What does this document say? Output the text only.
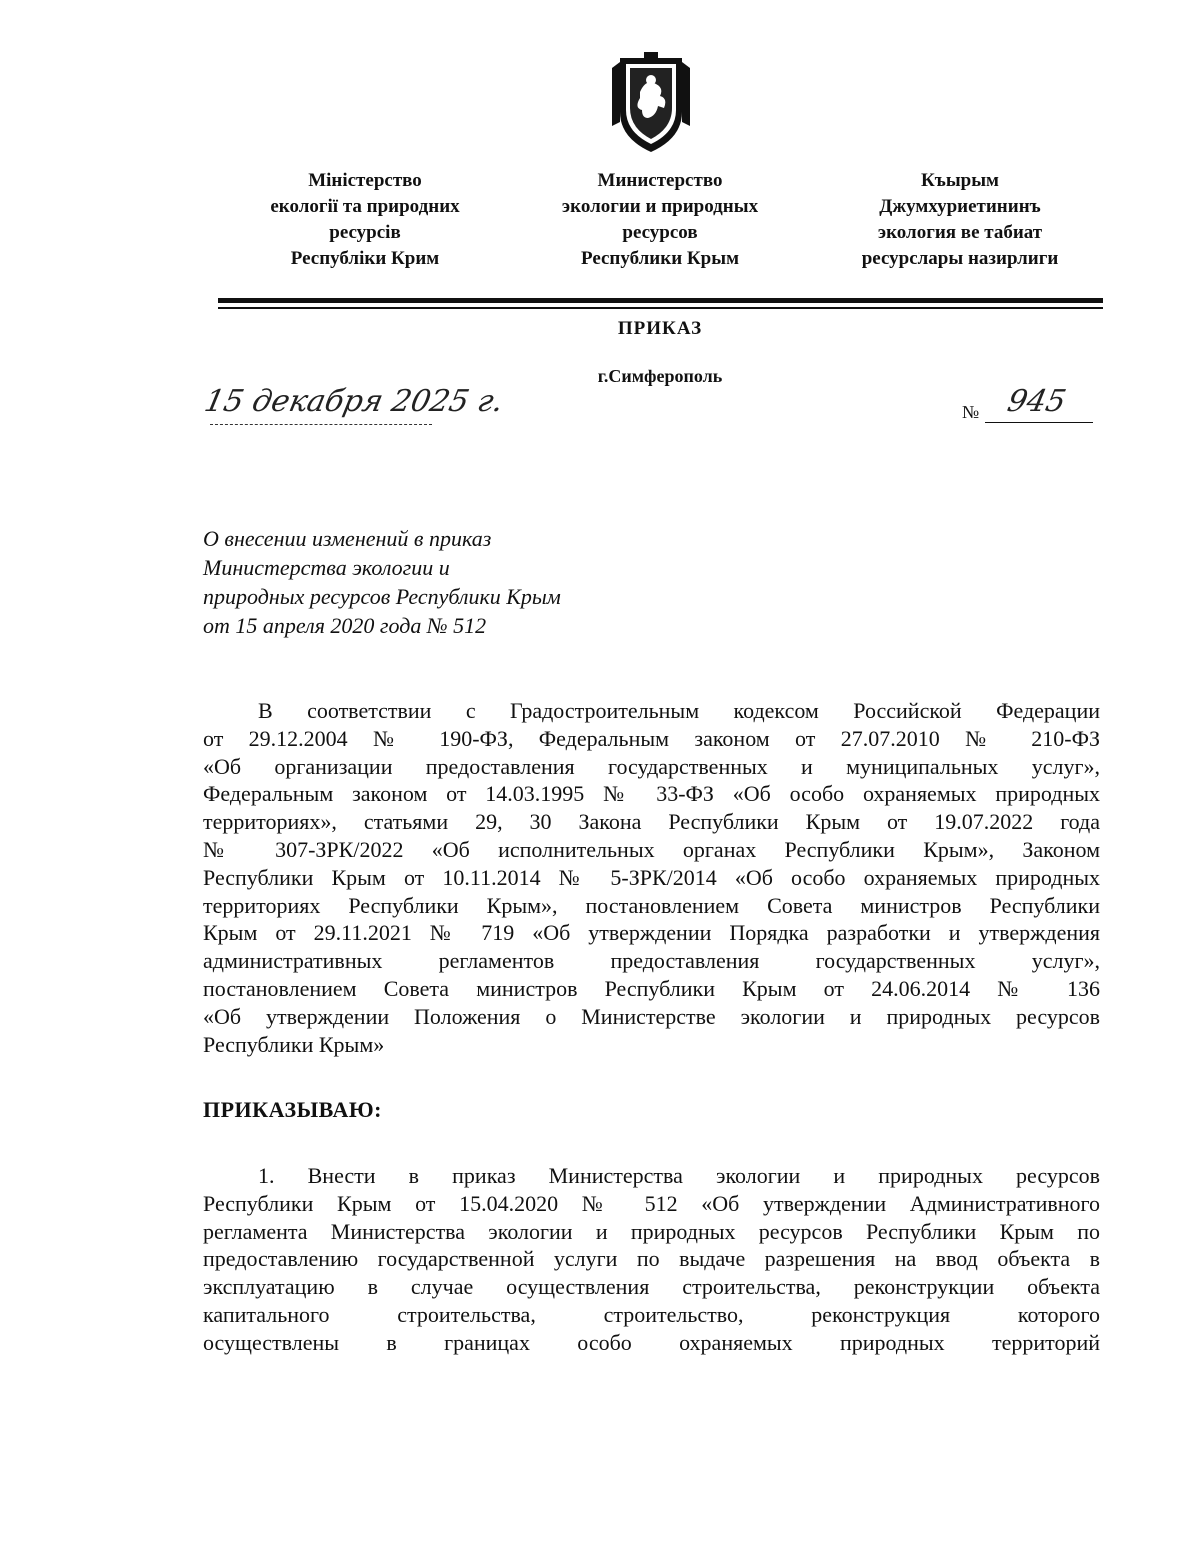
Міністерство
екології та природних
ресурсів
Республіки Крим
Министерство
экологии и природных
ресурсов
Республики Крым
Къырым
Джумхуриетининъ
экология ве табиат
ресурслары назирлиги
ПРИКАЗ
г.Симферополь
15 декабря 2025 г.	№ 945
О внесении изменений в приказ
Министерства экологии и
природных ресурсов Республики Крым
от 15 апреля 2020 года № 512
В соответствии с Градостроительным кодексом Российской Федерации
от 29.12.2004 № 190-ФЗ, Федеральным законом от 27.07.2010 № 210-ФЗ
«Об организации предоставления государственных и муниципальных услуг»,
Федеральным законом от 14.03.1995 № 33-ФЗ «Об особо охраняемых природных
территориях», статьями 29, 30 Закона Республики Крым от 19.07.2022 года
№ 307-ЗРК/2022 «Об исполнительных органах Республики Крым», Законом
Республики Крым от 10.11.2014 № 5-ЗРК/2014 «Об особо охраняемых природных
территориях Республики Крым», постановлением Совета министров Республики
Крым от 29.11.2021 № 719 «Об утверждении Порядка разработки и утверждения
административных регламентов предоставления государственных услуг»,
постановлением Совета министров Республики Крым от 24.06.2014 № 136
«Об утверждении Положения о Министерстве экологии и природных ресурсов
Республики Крым»
ПРИКАЗЫВАЮ:
1. Внести в приказ Министерства экологии и природных ресурсов
Республики Крым от 15.04.2020 № 512 «Об утверждении Административного
регламента Министерства экологии и природных ресурсов Республики Крым по
предоставлению государственной услуги по выдаче разрешения на ввод объекта в
эксплуатацию в случае осуществления строительства, реконструкции объекта
капитального строительства, строительство, реконструкция которого
осуществлены в границах особо охраняемых природных территорий
